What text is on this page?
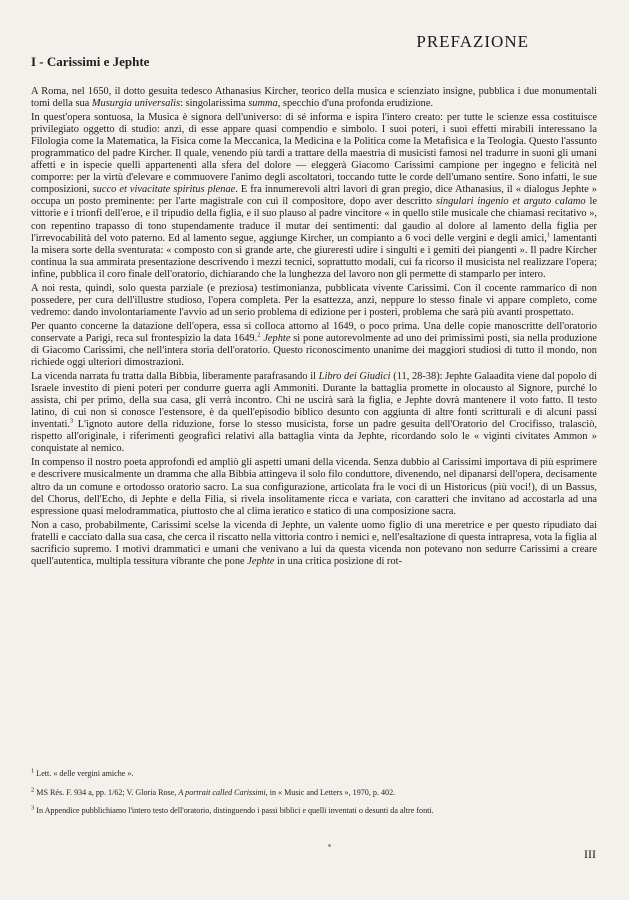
PREFAZIONE
I - Carissimi e Jephte

A Roma, nel 1650, il dotto gesuita tedesco Athanasius Kircher, teorico della musica e scienziato insigne, pubblica i due monumentali tomi della sua Musurgia universalis: singolarissima summa, specchio d'una profonda erudizione.

In quest'opera sontuosa, la Musica è signora dell'universo: di sé informa e ispira l'intero creato: per tutte le scienze essa costituisce privilegiato oggetto di studio: anzi, di esse appare quasi compendio e simbolo. I suoi poteri, i suoi effetti mirabili interessano la Filologia come la Matematica, la Fisica come la Meccanica, la Medicina e la Politica come la Metafisica e la Teologia. Questo l'assunto programmatico del padre Kircher. Il quale, venendo più tardi a trattare della maestria di musicisti famosi nel tradurre in suoni gli umani affetti e in ispecie quelli appartenenti alla sfera del dolore — eleggerà Giacomo Carissimi campione per ingegno e felicità nel comporre: per la virtù d'elevare e commuovere l'animo degli ascoltatori, toccando tutte le corde dell'umano sentire. Sono infatti, le sue composizioni, succo et vivacitate spiritus plenae. E fra innumerevoli altri lavori di gran pregio, dice Athanasius, il « dialogus Jephte » occupa un posto preminente: per l'arte magistrale con cui il compositore, dopo aver descritto singulari ingenio et arguto calamo le vittorie e i trionfi dell'eroe, e il tripudio della figlia, e il suo plauso al padre vincitore « in quello stile musicale che chiamasi recitativo », con repentino trapasso di tono stupendamente traduce il mutar dei sentimenti: dal gaudio al dolore al lamento della figlia per l'irrevocabilità del voto paterno. Ed al lamento segue, aggiunge Kircher, un compianto a 6 voci delle vergini e degli amici,$^1$ lamentanti la misera sorte della sventurata: « composto con sì grande arte, che giureresti udire i singulti e i gemiti dei piangenti ». Il padre Kircher continua la sua ammirata presentazione descrivendo i mezzi tecnici, soprattutto modali, cui fa ricorso il musicista nel realizzare l'opera; infine, pubblica il coro finale dell'oratorio, dichiarando che la lunghezza del lavoro non gli permette di stamparlo per intero.

A noi resta, quindi, solo questa parziale (e preziosa) testimonianza, pubblicata vivente Carissimi. Con il cocente rammarico di non possedere, per cura dell'illustre studioso, l'opera completa. Per la esattezza, anzi, neppure lo stesso finale vi appare completo, come vedremo: dando involontariamente l'avvio ad un serio problema di edizione per i posteri, problema che sarà più avanti prospettato.

Per quanto concerne la datazione dell'opera, essa si colloca attorno al 1649, o poco prima. Una delle copie manoscritte dell'oratorio conservate a Parigi, reca sul frontespizio la data 1649.$^2$ Jephte si pone autorevolmente ad uno dei primissimi posti, sia nella produzione di Giacomo Carissimi, che nell'intera storia dell'oratorio. Questo riconoscimento unanime dei maggiori studiosi di tutto il mondo, non richiede oggi ulteriori dimostrazioni.

La vicenda narrata fu tratta dalla Bibbia, liberamente parafrasando il Libro dei Giudici (11, 28-38): Jephte Galaadita viene dal popolo di Israele investito di pieni poteri per condurre guerra agli Ammoniti. Durante la battaglia promette in olocausto al Signore, purché lo assista, chi per primo, della sua casa, gli verrà incontro. Chi ne uscirà sarà la figlia, e Jephte dovrà mantenere il voto fatto. Il testo latino, di cui non si conosce l'estensore, è da quell'episodio biblico desunto con aggiunta di altre fonti scritturali e di alcuni passi inventati.$^3$ L'ignoto autore della riduzione, forse lo stesso musicista, forse un padre gesuita dell'Oratorio del Crocifisso, tralasciò, rispetto all'originale, i riferimenti geografici relativi alla battaglia vinta da Jephte, ricordando solo le « viginti civitates Ammon » conquistate al nemico.

In compenso il nostro poeta approfondì ed ampliò gli aspetti umani della vicenda. Senza dubbio al Carissimi importava di più esprimere e descrivere musicalmente un dramma che alla Bibbia attingeva il solo filo conduttore, divenendo, nel dipanarsi dell'opera, decisamente altro da un comune e ortodosso oratorio sacro. La sua configurazione, articolata fra le voci di un Historicus (più voci!), di un Bassus, del Chorus, dell'Echo, di Jephte e della Filia, si rivela insolitamente ricca e variata, con caratteri che invitano ad accostarla ad una espressione quasi melodrammatica, piuttosto che al clima ieratico e statico di una composizione sacra.

Non a caso, probabilmente, Carissimi scelse la vicenda di Jephte, un valente uomo figlio di una meretrice e per questo ripudiato dai fratelli e cacciato dalla sua casa, che cerca il riscatto nella vittoria contro i nemici e, nell'esaltazione di questa intrapresa, vota la figlia al sacrificio supremo. I motivi drammatici e umani che venivano a lui da questa vicenda non potevano non sedurre Carissimi a creare quell'autentica, multipla tessitura vibrante che pone Jephte in una critica posizione di rot-

$^1$ Lett. « delle vergini amiche ».

$^2$ MS Rés. F. 934 a, pp. 1/62; V. Gloria Rose, A portrait called Carissimi, in « Music and Letters », 1970, p. 402.

$^3$ In Appendice pubblichiamo l'intero testo dell'oratorio, distinguendo i passi biblici e quelli inventati o desunti da altre fonti.

III
